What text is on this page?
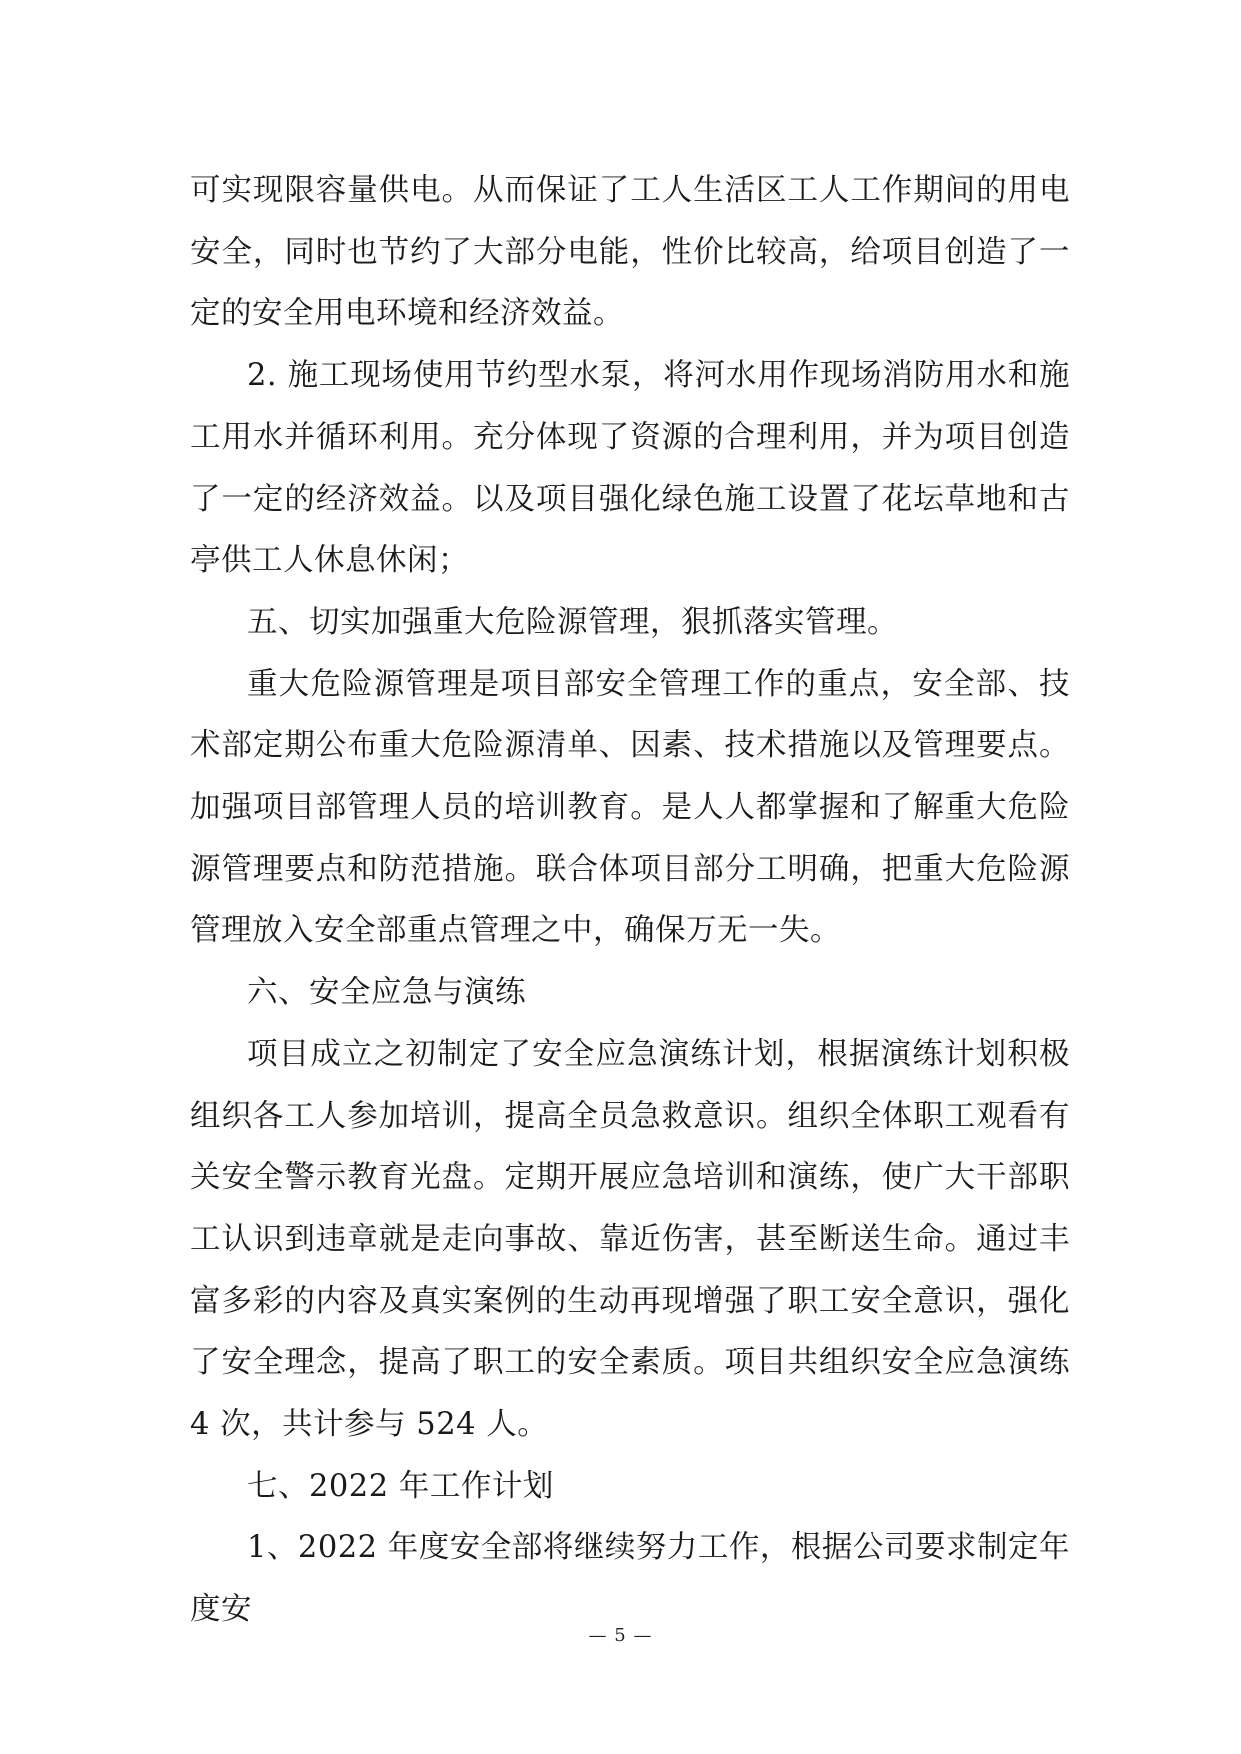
可实现限容量供电。从而保证了工人生活区工人工作期间的用电安全，同时也节约了大部分电能，性价比较高，给项目创造了一定的安全用电环境和经济效益。

2. 施工现场使用节约型水泵，将河水用作现场消防用水和施工用水并循环利用。充分体现了资源的合理利用，并为项目创造了一定的经济效益。以及项目强化绿色施工设置了花坛草地和古亭供工人休息休闲；

五、切实加强重大危险源管理，狠抓落实管理。

重大危险源管理是项目部安全管理工作的重点，安全部、技术部定期公布重大危险源清单、因素、技术措施以及管理要点。加强项目部管理人员的培训教育。是人人都掌握和了解重大危险源管理要点和防范措施。联合体项目部分工明确，把重大危险源管理放入安全部重点管理之中，确保万无一失。

六、安全应急与演练

项目成立之初制定了安全应急演练计划，根据演练计划积极组织各工人参加培训，提高全员急救意识。组织全体职工观看有关安全警示教育光盘。定期开展应急培训和演练，使广大干部职工认识到违章就是走向事故、靠近伤害，甚至断送生命。通过丰富多彩的内容及真实案例的生动再现增强了职工安全意识，强化了安全理念，提高了职工的安全素质。项目共组织安全应急演练 4 次，共计参与 524 人。

七、2022 年工作计划

1、2022 年度安全部将继续努力工作，根据公司要求制定年度安

— 5 —
